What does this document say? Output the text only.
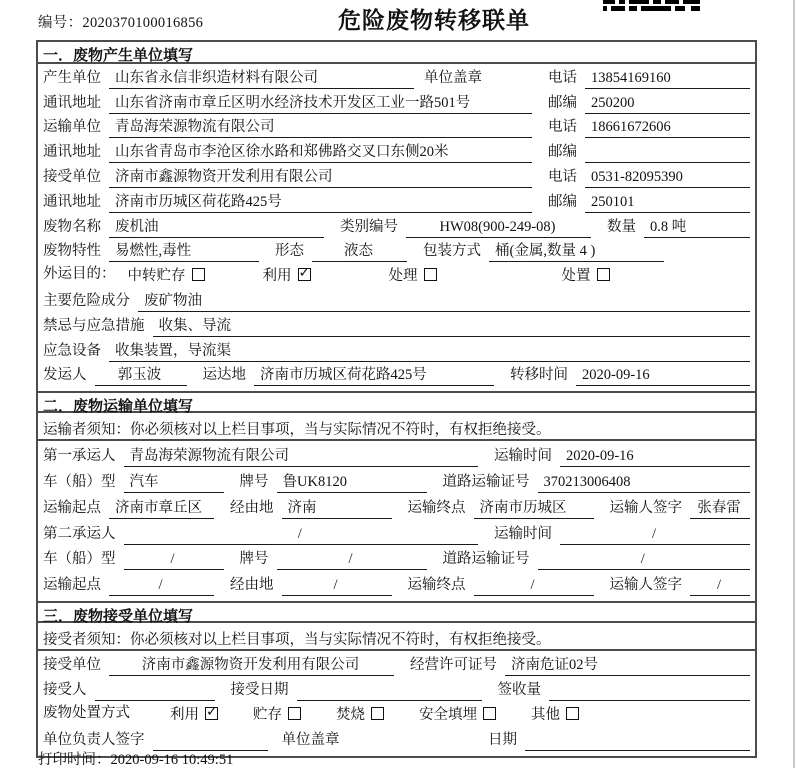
编号：2020370100016856	危险废物转移联单
一．废物产生单位填写
产生单位 山东省永信非织造材料有限公司	单位盖章	电话 13854169160
通讯地址 山东省济南市章丘区明水经济技术开发区工业一路501号	邮编 250200
运输单位 青岛海荣源物流有限公司	电话 18661672606
通讯地址 山东省青岛市李沧区徐水路和郑佛路交叉口东侧20米	邮编
接受单位 济南市鑫源物资开发利用有限公司	电话 0531-82095390
通讯地址 济南市历城区荷花路425号	邮编 250101
废物名称 废机油	类别编号	HW08(900-249-08)	数量 0.8 吨
废物特性 易燃性,毒性	形态	液态	包装方式 桶(金属,数量 4 )
外运目的： 中转贮存	利用 ✓	处理	处置
主要危险成分 废矿物油
禁忌与应急措施 收集、导流
应急设备 收集装置，导流渠
发运人	郭玉波	运达地 济南市历城区荷花路425号	转移时间 2020-09-16
二．废物运输单位填写
运输者须知：你必须核对以上栏目事项，当与实际情况不符时，有权拒绝接受。
第一承运人 青岛海荣源物流有限公司	运输时间 2020-09-16
车（船）型 汽车	牌号 鲁UK8120	道路运输证号 370213006408
运输起点 济南市章丘区	经由地 济南	运输终点 济南市历城区	运输人签字	张春雷
第二承运人	/	运输时间	/
车（船）型	/	牌号	/	道路运输证号	/
运输起点	/	经由地	/	运输终点	/	运输人签字	/
三．废物接受单位填写
接受者须知：你必须核对以上栏目事项，当与实际情况不符时，有权拒绝接受。
接受单位	济南市鑫源物资开发利用有限公司	经营许可证号 济南危证02号
接受人	接受日期	签收量
废物处置方式	利用 ✓	贮存	焚烧	安全填埋	其他
单位负责人签字	单位盖章	日期
打印时间：2020-09-16 10:49:51
